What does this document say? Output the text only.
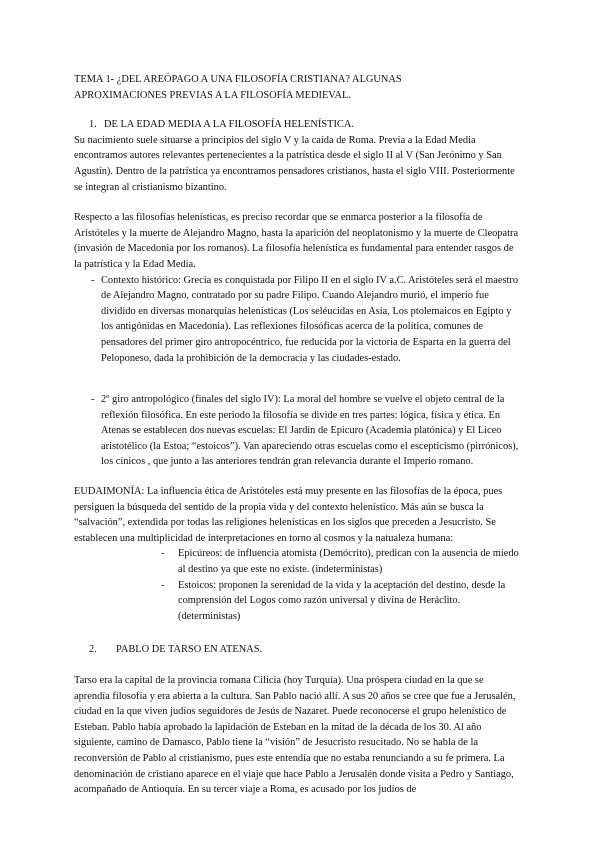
TEMA 1- ¿DEL AREÓPAGO A UNA FILOSOFÍA CRISTIANA? ALGUNAS APROXIMACIONES PREVIAS A LA FILOSOFÍA MEDIEVAL.

1. DE LA EDAD MEDIA A LA FILOSOFÍA HELENÍSTICA.

Su nacimiento suele situarse a principios del siglo V y la caída de Roma. Previa a la Edad Media encontramos autores relevantes pertenecientes a la patrística desde el siglo II al V (San Jerónimo y San Agustín). Dentro de la patrística ya encontramos pensadores cristianos, hasta el siglo VIII. Posteriormente se integran al cristianismo bizantino.

Respecto a las filosofías helenísticas, es preciso recordar que se enmarca posterior a la filosofía de Aristóteles y la muerte de Alejandro Magno, hasta la aparición del neoplatonismo y la muerte de Cleopatra (invasión de Macedonia por los romanos). La filosofía helenística es fundamental para entender rasgos de la patrística y la Edad Media.

- Contexto histórico: Grecia es conquistada por Filipo II en el siglo IV a.C. Aristóteles será el maestro de Alejandro Magno, contratado por su padre Filipo. Cuando Alejandro murió, el imperio fue dividido en diversas monarquías helenísticas (Los seléucidas en Asia, Los ptolemaicos en Egipto y los antigónidas en Macedonia). Las reflexiones filosóficas acerca de la política, comunes de pensadores del primer giro antropocéntrico, fue reducida por la victoria de Esparta en la guerra del Peloponeso, dada la prohibición de la democracia y las ciudades-estado.
- 2º giro antropológico (finales del siglo IV): La moral del hombre se vuelve el objeto central de la reflexión filosófica. En este periodo la filosofía se divide en tres partes: lógica, física y ética. En Atenas se establecen dos nuevas escuelas: El Jardín de Epicuro (Academia platónica) y El Liceo aristotélico (la Estoa; “estoicos”). Van apareciendo otras escuelas como el escepticismo (pirrónicos), los cínicos , que junto a las anteriores tendrán gran relevancia durante el Imperio romano.

EUDAIMONÍA: La influencia ética de Aristóteles está muy presente en las filosofías de la época, pues persiguen la búsqueda del sentido de la propia vida y del contexto helenístico. Más aún se busca la “salvación”, extendida por todas las religiones helenísticas en los siglos que preceden a Jesucristo. Se establecen una multiplicidad de interpretaciones en torno al cosmos y la natualeza humana:

- Epicúreos: de influencia atomista (Demócrito), predican con la ausencia de miedo al destino ya que este no existe. (indeterministas)
- Estoicos: proponen la serenidad de la vida y la aceptación del destino, desde la comprensión del Logos como razón universal y divina de Heráclito. (deterministas)

2. PABLO DE TARSO EN ATENAS.

Tarso era la capital de la provincia romana Cilicia (hoy Turquía). Una próspera ciudad en la que se aprendía filosofía y era abierta a la cultura. San Pablo nació allí. A sus 20 años se cree que fue a Jerusalén, ciudad en la que viven judíos seguidores de Jesús de Nazaret. Puede reconocerse el grupo helenístico de Esteban. Pablo había aprobado la lapidación de Esteban en la mitad de la década de los 30. Al año siguiente, camino de Damasco, Pablo tiene la “visión” de Jesucristo resucitado. No se habla de la reconversión de Pablo al cristianismo, pues este entendía que no estaba renunciando a su fe primera. La denominación de cristiano aparece en el viaje que hace Pablo a Jerusalén donde visita a Pedro y Santiago, acompañado de Antioquía. En su tercer viaje a Roma, es acusado por los judíos de
